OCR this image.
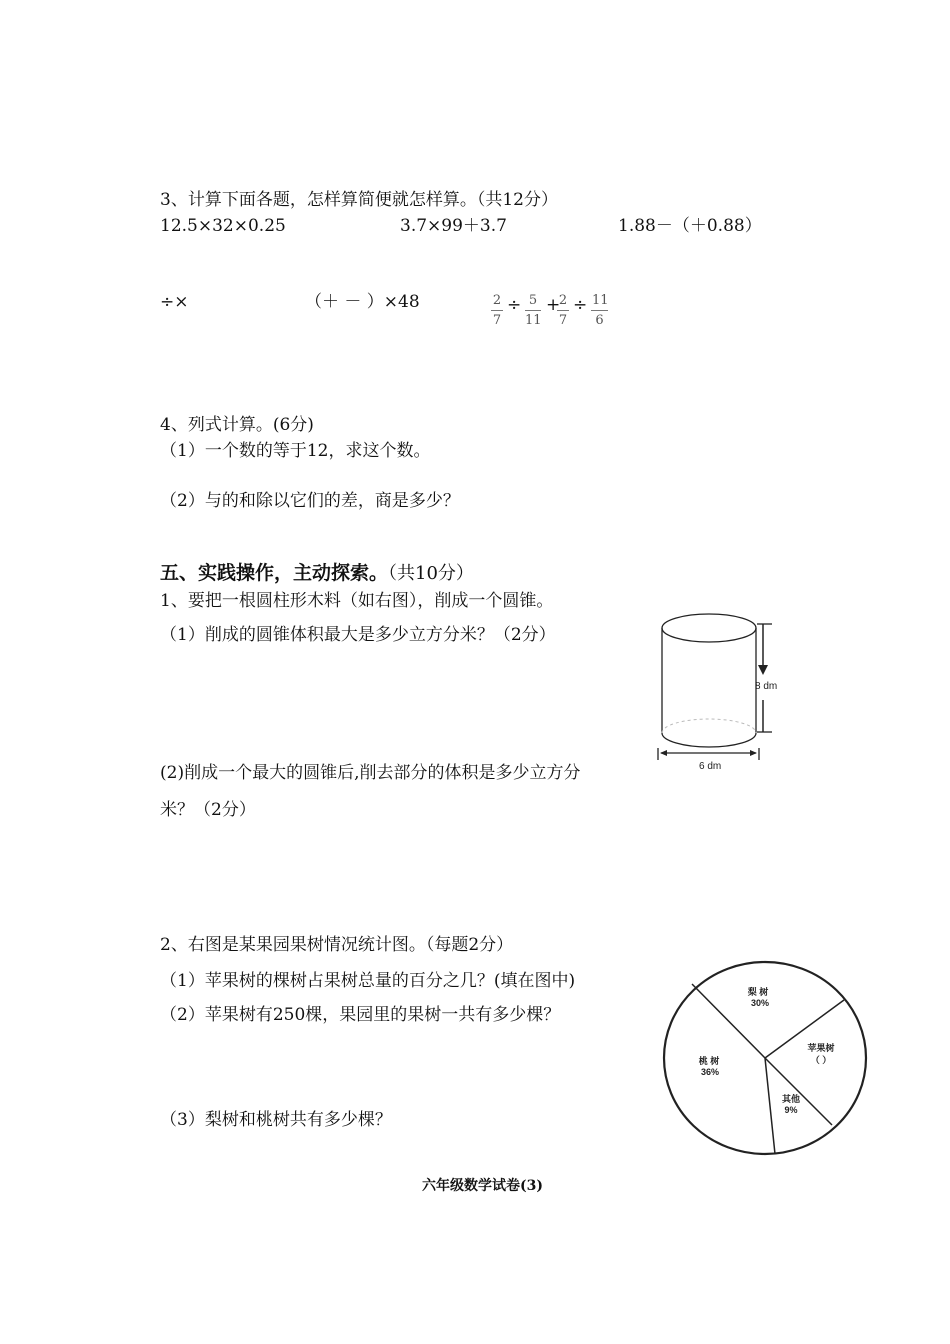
3、计算下面各题，怎样算简便就怎样算。（共12分）
12.5×32×0.25	3.7×99＋3.7	1.88－（＋0.88）
÷×	（＋ － ）×48	$\frac{2}{7} \div \frac{5}{11}$ +
$\frac{2}{7} \div \frac{11}{6}$
4、列式计算。(6分)
（1）一个数的等于12，求这个数。
（2）与的和除以它们的差，商是多少？
五、实践操作，主动探索。（共10分）
1、要把一根圆柱形木料（如右图），削成一个圆锥。
（1）削成的圆锥体积最大是多少立方分米？（2分）
(2)削成一个最大的圆锥后,削去部分的体积是多少立方分
米？（2分）
8 dm
6 dm
2、右图是某果园果树情况统计图。（每题2分）
（1）苹果树的棵树占果树总量的百分之几？(填在图中)
（2）苹果树有250棵，果园里的果树一共有多少棵？
（3）梨树和桃树共有多少棵？
梨 树
30%
苹果树
（ ）
其他
9%
桃 树
36%
六年级数学试卷(3)
